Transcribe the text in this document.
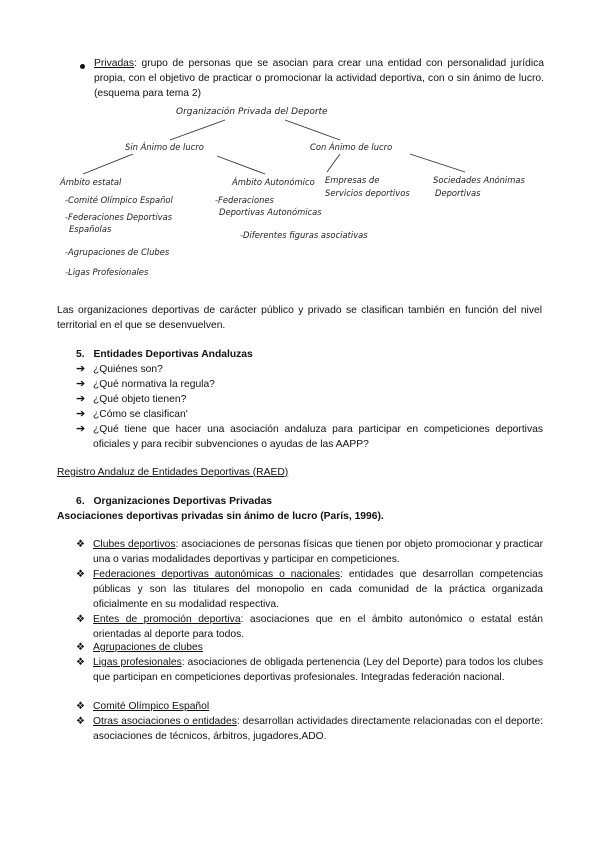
Privadas: grupo de personas que se asocian para crear una entidad con personalidad jurídica propia, con el objetivo de practicar o promocionar la actividad deportiva, con o sin ánimo de lucro. (esquema para tema 2)
Organización Privada del Deporte
Sin Ánimo de lucro	Con Ánimo de lucro
Ámbito estatal
-Comité Olímpico Español
-Federaciones Deportivas
Españolas
-Agrupaciones de Clubes
-Ligas Profesionales
Ámbito Autonómico
-Federaciones
Deportivas Autonómicas
-Diferentes figuras asociativas
Empresas de
Servicios deportivos
Sociedades Anónimas
Deportivas
Las organizaciones deportivas de carácter público y privado se clasifican también en función del nivel territorial en el que se desenvuelven.
5. Entidades Deportivas Andaluzas
➔ ¿Quiénes son?
➔ ¿Qué normativa la regula?
➔ ¿Qué objeto tienen?
➔ ¿Cómo se clasifican'
➔ ¿Qué tiene que hacer una asociación andaluza para participar en competiciones deportivas oficiales y para recibir subvenciones o ayudas de las AAPP?
Registro Andaluz de Entidades Deportivas (RAED)
6. Organizaciones Deportivas Privadas
Asociaciones deportivas privadas sin ánimo de lucro (París, 1996).
❖ Clubes deportivos: asociaciones de personas físicas que tienen por objeto promocionar y practicar una o varias modalidades deportivas y participar en competiciones.
❖ Federaciones deportivas autonómicas o nacionales: entidades que desarrollan competencias públicas y son las titulares del monopolio en cada comunidad de la práctica organizada oficialmente en su modalidad respectiva.
❖ Entes de promoción deportiva: asociaciones que en el ámbito autonómico o estatal están orientadas al deporte para todos.
❖ Agrupaciones de clubes
❖ Ligas profesionales: asociaciones de obligada pertenencia (Ley del Deporte) para todos los clubes que participan en competiciones deportivas profesionales. Integradas federación nacional.
❖ Comité Olímpico Español
❖ Otras asociaciones o entidades: desarrollan actividades directamente relacionadas con el deporte: asociaciones de técnicos, árbitros, jugadores,ADO.
